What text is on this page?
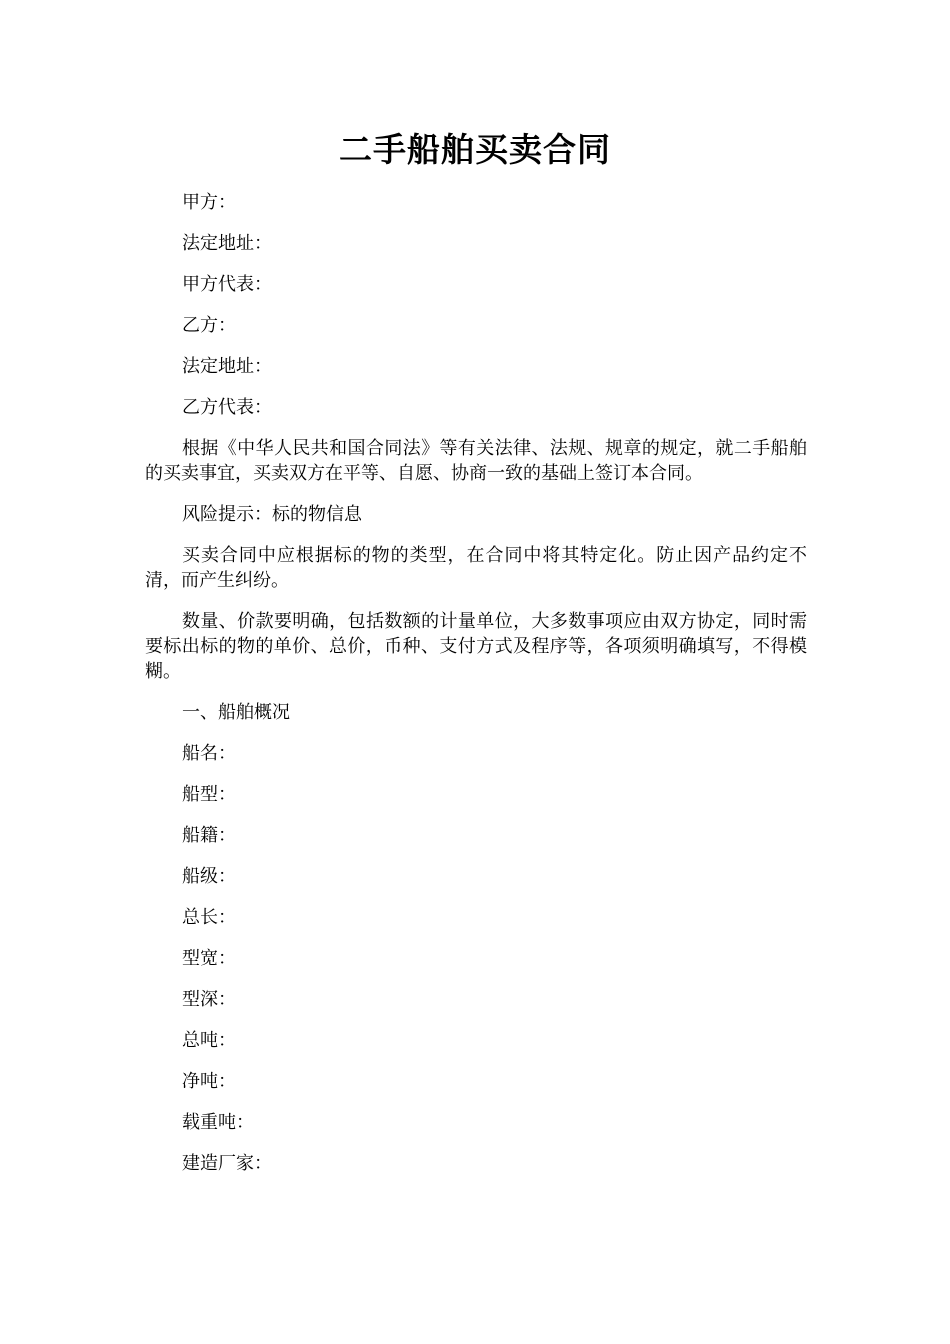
二手船舶买卖合同

甲方：

法定地址：

甲方代表：

乙方：

法定地址：

乙方代表：

根据《中华人民共和国合同法》等有关法律、法规、规章的规定，就二手船舶的买卖事宜，买卖双方在平等、自愿、协商一致的基础上签订本合同。

风险提示：标的物信息

买卖合同中应根据标的物的类型，在合同中将其特定化。防止因产品约定不清，而产生纠纷。

数量、价款要明确，包括数额的计量单位，大多数事项应由双方协定，同时需要标出标的物的单价、总价，币种、支付方式及程序等，各项须明确填写，不得模糊。

一、船舶概况

船名：

船型：

船籍：

船级：

总长：

型宽：

型深：

总吨：

净吨：

载重吨：

建造厂家：
